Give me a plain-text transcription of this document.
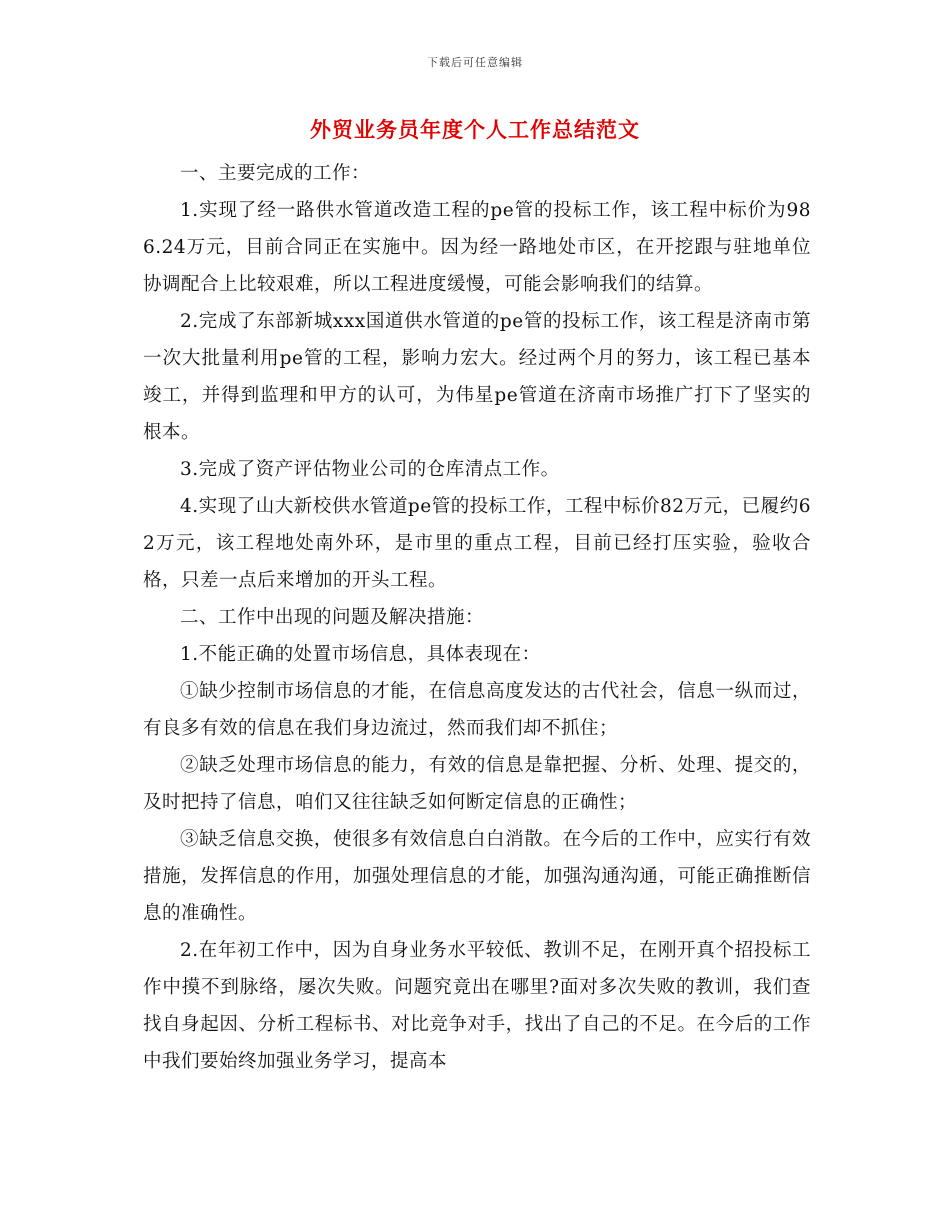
下载后可任意编辑
外贸业务员年度个人工作总结范文

一、主要完成的工作：

1.实现了经一路供水管道改造工程的pe管的投标工作，该工程中标价为986.24万元，目前合同正在实施中。因为经一路地处市区，在开挖跟与驻地单位协调配合上比较艰难，所以工程进度缓慢，可能会影响我们的结算。

2.完成了东部新城xxx国道供水管道的pe管的投标工作，该工程是济南市第一次大批量利用pe管的工程，影响力宏大。经过两个月的努力，该工程已基本竣工，并得到监理和甲方的认可，为伟星pe管道在济南市场推广打下了坚实的根本。

3.完成了资产评估物业公司的仓库清点工作。

4.实现了山大新校供水管道pe管的投标工作，工程中标价82万元，已履约62万元，该工程地处南外环，是市里的重点工程，目前已经打压实验，验收合格，只差一点后来增加的开头工程。

二、工作中出现的问题及解决措施：

1.不能正确的处置市场信息，具体表现在：

①缺少控制市场信息的才能，在信息高度发达的古代社会，信息一纵而过，有良多有效的信息在我们身边流过，然而我们却不抓住；

②缺乏处理市场信息的能力，有效的信息是靠把握、分析、处理、提交的，及时把持了信息，咱们又往往缺乏如何断定信息的正确性；

③缺乏信息交换，使很多有效信息白白消散。在今后的工作中，应实行有效措施，发挥信息的作用，加强处理信息的才能，加强沟通沟通，可能正确推断信息的准确性。

2.在年初工作中，因为自身业务水平较低、教训不足，在刚开真个招投标工作中摸不到脉络，屡次失败。问题究竟出在哪里?面对多次失败的教训，我们查找自身起因、分析工程标书、对比竞争对手，找出了自己的不足。在今后的工作中我们要始终加强业务学习，提高本
